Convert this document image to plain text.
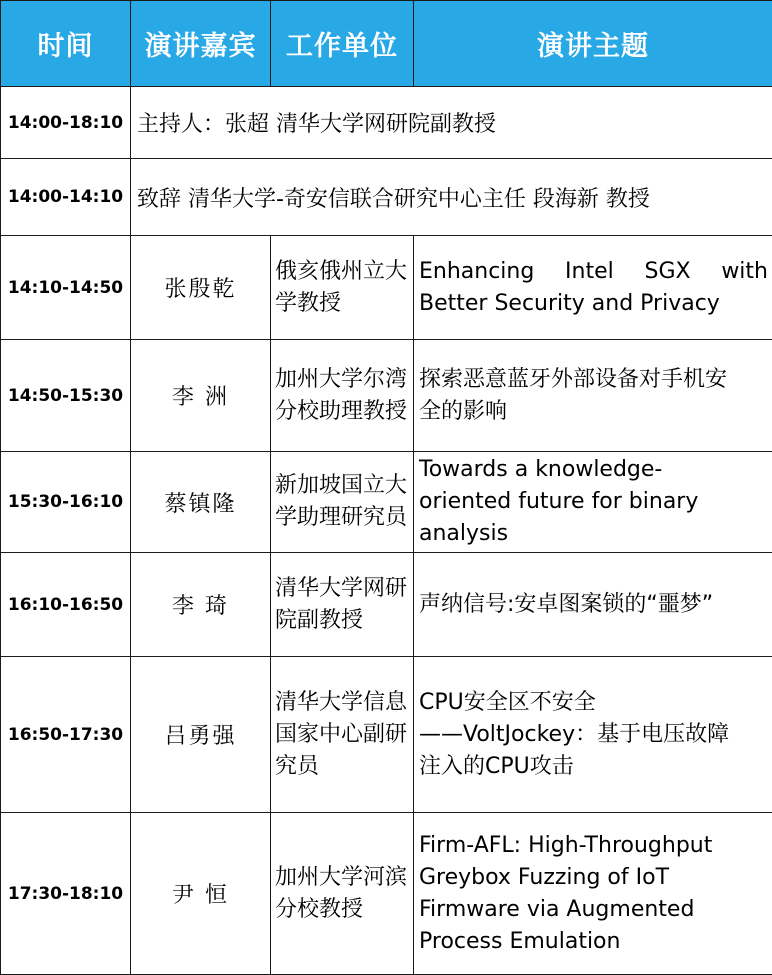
时间	演讲嘉宾	工作单位	演讲主题
14:00-18:10	主持人：张超 清华大学网研院副教授		
14:00-14:10	致辞 清华大学-奇安信联合研究中心主任 段海新 教授		
14:10-14:50	张殷乾	俄亥俄州立大学教授	Enhancing Intel SGX with
Better Security and Privacy

14:50-15:30	李 洲	加州大学尔湾分校助理教授	探索恶意蓝牙外部设备对手机安
全的影响

15:30-16:10	蔡镇隆	新加坡国立大学助理研究员	Towards a knowledge-
oriented future for binary
analysis

16:10-16:50	李 琦	清华大学网研院副教授	声纳信号:安卓图案锁的“噩梦”

16:50-17:30	吕勇强	清华大学信息国家中心副研究员	CPU安全区不安全
——VoltJockey：基于电压故障
注入的CPU攻击

17:30-18:10	尹 恒	加州大学河滨分校教授	Firm-AFL: High-Throughput
Greybox Fuzzing of IoT
Firmware via Augmented
Process Emulation
